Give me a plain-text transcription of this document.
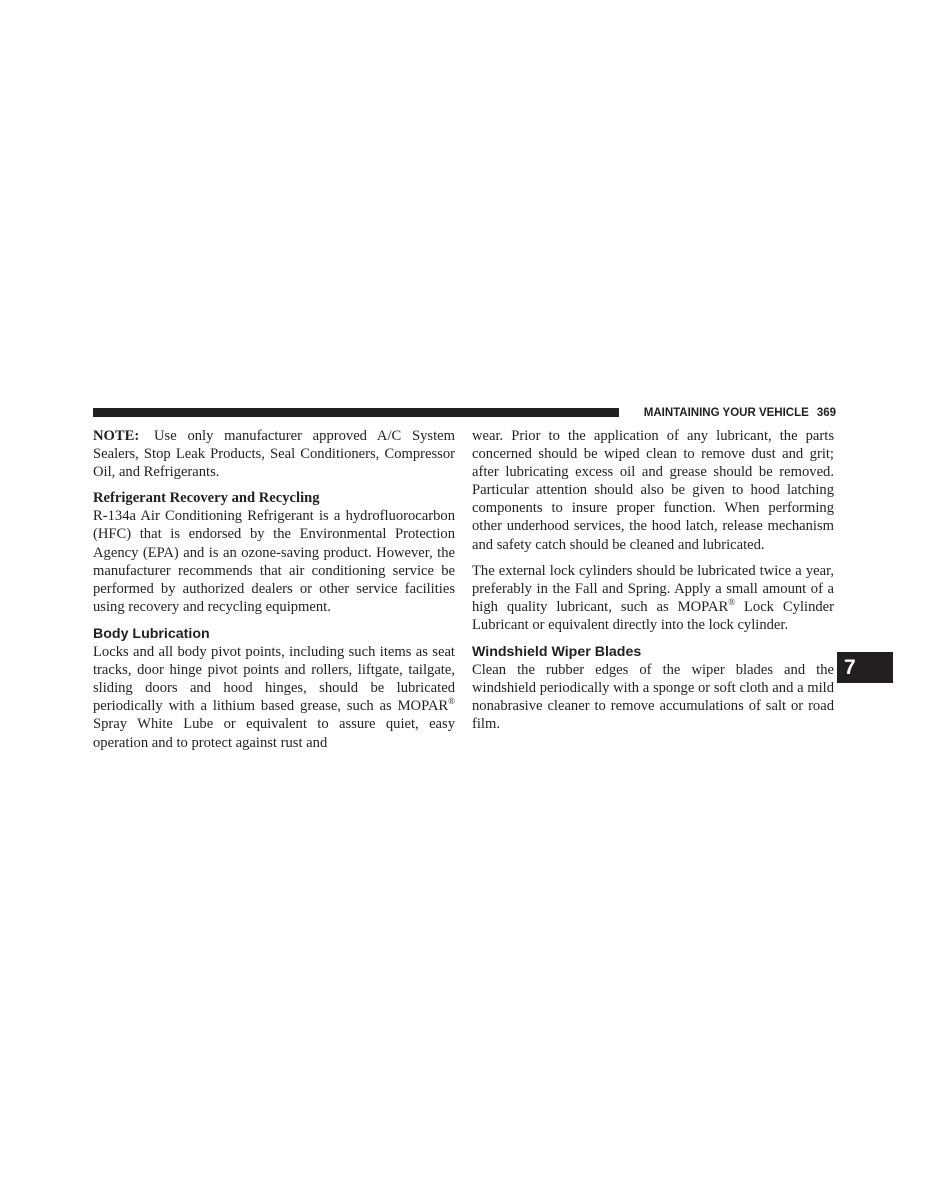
MAINTAINING YOUR VEHICLE 369

NOTE: Use only manufacturer approved A/C System Sealers, Stop Leak Products, Seal Conditioners, Compressor Oil, and Refrigerants.

Refrigerant Recovery and Recycling

R-134a Air Conditioning Refrigerant is a hydrofluorocarbon (HFC) that is endorsed by the Environmental Protection Agency (EPA) and is an ozone-saving product. However, the manufacturer recommends that air conditioning service be performed by authorized dealers or other service facilities using recovery and recycling equipment.

Body Lubrication

Locks and all body pivot points, including such items as seat tracks, door hinge pivot points and rollers, liftgate, tailgate, sliding doors and hood hinges, should be lubricated periodically with a lithium based grease, such as MOPAR® Spray White Lube or equivalent to assure quiet, easy operation and to protect against rust and

wear. Prior to the application of any lubricant, the parts concerned should be wiped clean to remove dust and grit; after lubricating excess oil and grease should be removed. Particular attention should also be given to hood latching components to insure proper function. When performing other underhood services, the hood latch, release mechanism and safety catch should be cleaned and lubricated.

The external lock cylinders should be lubricated twice a year, preferably in the Fall and Spring. Apply a small amount of a high quality lubricant, such as MOPAR® Lock Cylinder Lubricant or equivalent directly into the lock cylinder.

Windshield Wiper Blades

Clean the rubber edges of the wiper blades and the windshield periodically with a sponge or soft cloth and a mild nonabrasive cleaner to remove accumulations of salt or road film.

7
